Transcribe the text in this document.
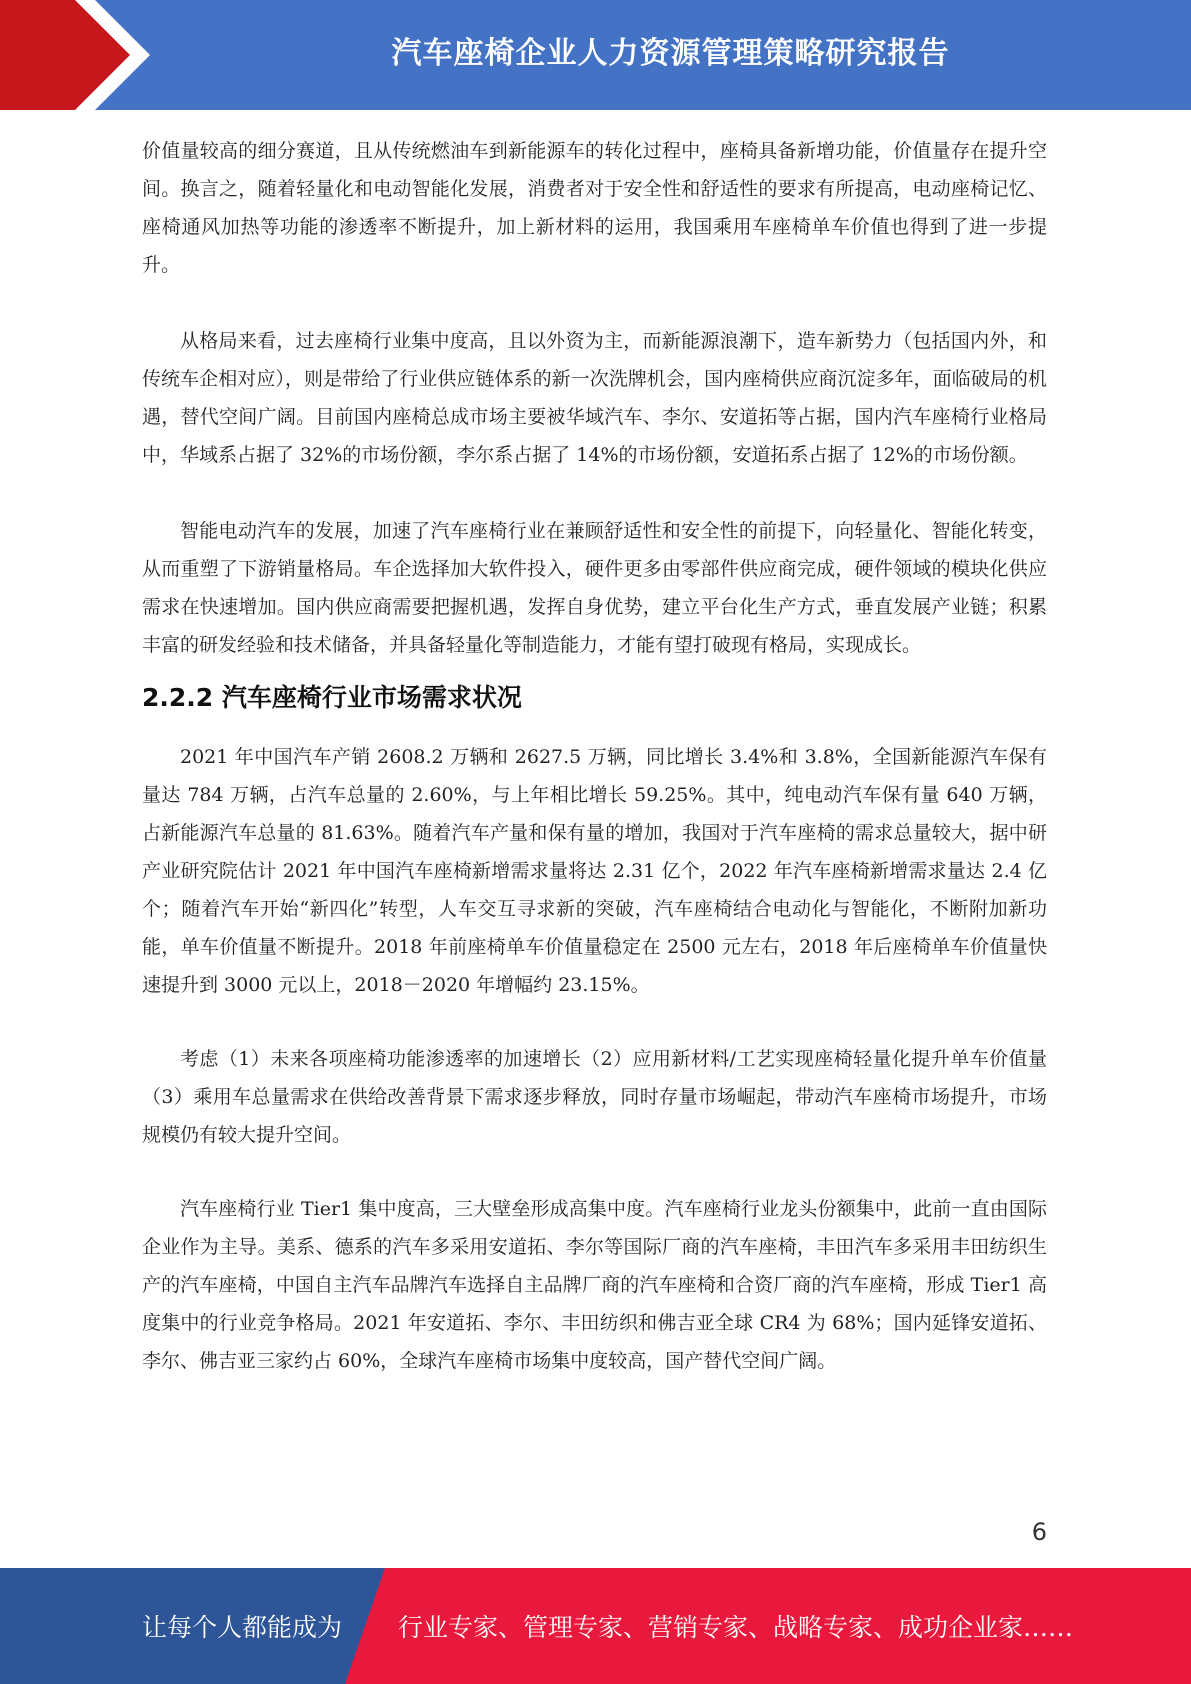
汽车座椅企业人力资源管理策略研究报告

价值量较高的细分赛道，且从传统燃油车到新能源车的转化过程中，座椅具备新增功能，价值量存在提升空间。换言之，随着轻量化和电动智能化发展，消费者对于安全性和舒适性的要求有所提高，电动座椅记忆、座椅通风加热等功能的渗透率不断提升，加上新材料的运用，我国乘用车座椅单车价值也得到了进一步提升。

从格局来看，过去座椅行业集中度高，且以外资为主，而新能源浪潮下，造车新势力（包括国内外，和传统车企相对应），则是带给了行业供应链体系的新一次洗牌机会，国内座椅供应商沉淀多年，面临破局的机遇，替代空间广阔。目前国内座椅总成市场主要被华域汽车、李尔、安道拓等占据，国内汽车座椅行业格局中，华域系占据了 32%的市场份额，李尔系占据了 14%的市场份额，安道拓系占据了 12%的市场份额。

智能电动汽车的发展，加速了汽车座椅行业在兼顾舒适性和安全性的前提下，向轻量化、智能化转变，从而重塑了下游销量格局。车企选择加大软件投入，硬件更多由零部件供应商完成，硬件领域的模块化供应需求在快速增加。国内供应商需要把握机遇，发挥自身优势，建立平台化生产方式，垂直发展产业链；积累丰富的研发经验和技术储备，并具备轻量化等制造能力，才能有望打破现有格局，实现成长。

2.2.2 汽车座椅行业市场需求状况

2021 年中国汽车产销 2608.2 万辆和 2627.5 万辆，同比增长 3.4%和 3.8%，全国新能源汽车保有量达 784 万辆，占汽车总量的 2.60%，与上年相比增长 59.25%。其中，纯电动汽车保有量 640 万辆，占新能源汽车总量的 81.63%。随着汽车产量和保有量的增加，我国对于汽车座椅的需求总量较大，据中研产业研究院估计 2021 年中国汽车座椅新增需求量将达 2.31 亿个，2022 年汽车座椅新增需求量达 2.4 亿个；随着汽车开始“新四化”转型，人车交互寻求新的突破，汽车座椅结合电动化与智能化，不断附加新功能，单车价值量不断提升。2018 年前座椅单车价值量稳定在 2500 元左右，2018 年后座椅单车价值量快速提升到 3000 元以上，2018－2020 年增幅约 23.15%。

考虑（1）未来各项座椅功能渗透率的加速增长（2）应用新材料/工艺实现座椅轻量化提升单车价值量（3）乘用车总量需求在供给改善背景下需求逐步释放，同时存量市场崛起，带动汽车座椅市场提升，市场规模仍有较大提升空间。

汽车座椅行业 Tier1 集中度高，三大壁垒形成高集中度。汽车座椅行业龙头份额集中，此前一直由国际企业作为主导。美系、德系的汽车多采用安道拓、李尔等国际厂商的汽车座椅，丰田汽车多采用丰田纺织生产的汽车座椅，中国自主汽车品牌汽车选择自主品牌厂商的汽车座椅和合资厂商的汽车座椅，形成 Tier1 高度集中的行业竞争格局。2021 年安道拓、李尔、丰田纺织和佛吉亚全球 CR4 为 68%；国内延锋安道拓、李尔、佛吉亚三家约占 60%，全球汽车座椅市场集中度较高，国产替代空间广阔。

6
让每个人都能成为 行业专家、管理专家、营销专家、战略专家、成功企业家……
